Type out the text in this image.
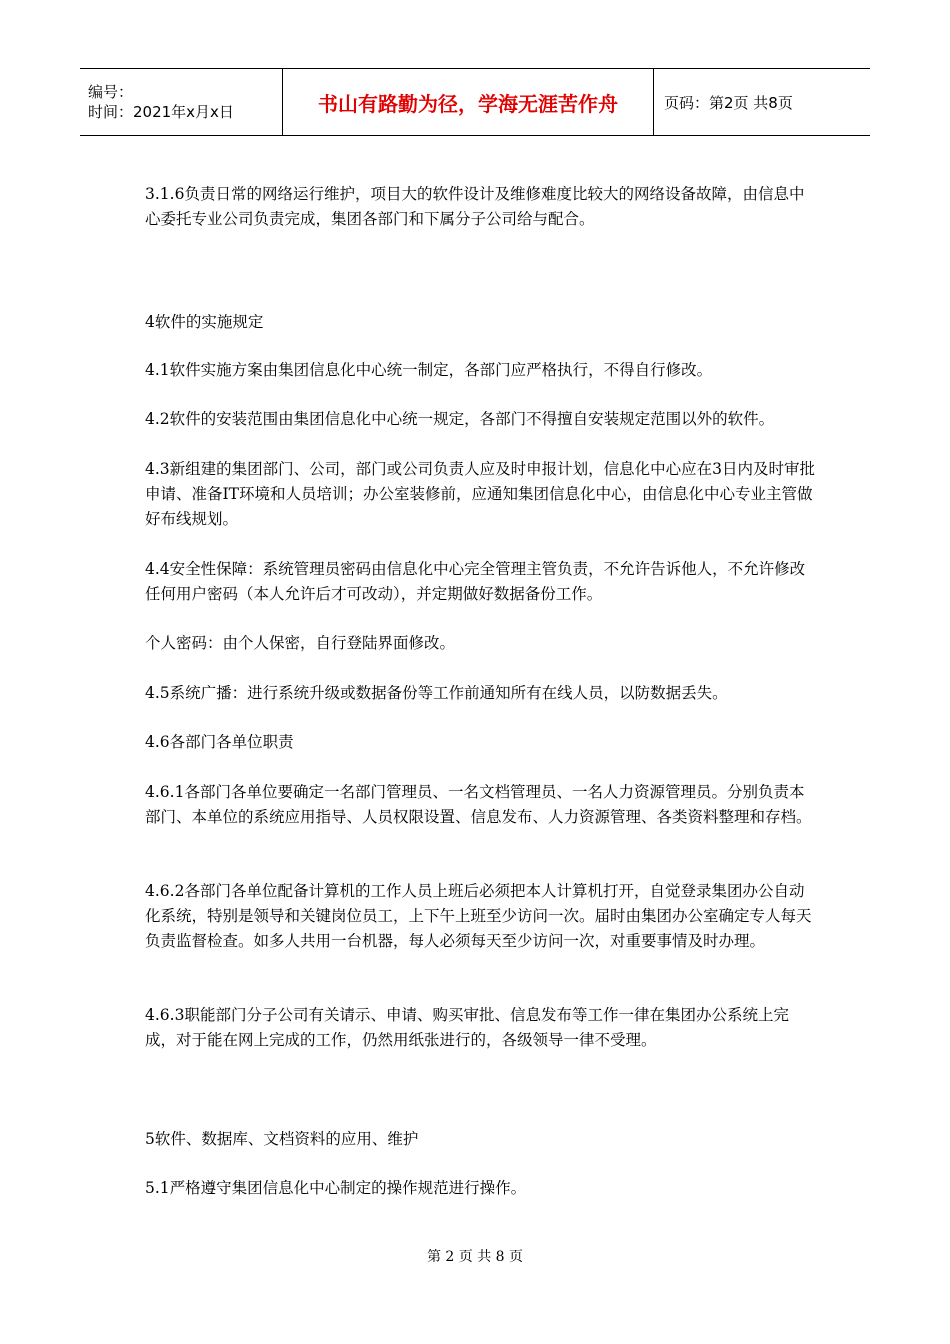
编号：
时间：2021年x月x日	书山有路勤为径，学海无涯苦作舟	页码：第2页 共8页

3.1.6负责日常的网络运行维护，项目大的软件设计及维修难度比较大的网络设备故障，由信息中心委托专业公司负责完成，集团各部门和下属分子公司给与配合。

4软件的实施规定

4.1软件实施方案由集团信息化中心统一制定，各部门应严格执行，不得自行修改。

4.2软件的安装范围由集团信息化中心统一规定，各部门不得擅自安装规定范围以外的软件。

4.3新组建的集团部门、公司，部门或公司负责人应及时申报计划，信息化中心应在3日内及时审批申请、准备IT环境和人员培训；办公室装修前，应通知集团信息化中心，由信息化中心专业主管做好布线规划。

4.4安全性保障：系统管理员密码由信息化中心完全管理主管负责，不允许告诉他人，不允许修改任何用户密码（本人允许后才可改动），并定期做好数据备份工作。

个人密码：由个人保密，自行登陆界面修改。

4.5系统广播：进行系统升级或数据备份等工作前通知所有在线人员，以防数据丢失。

4.6各部门各单位职责

4.6.1各部门各单位要确定一名部门管理员、一名文档管理员、一名人力资源管理员。分别负责本部门、本单位的系统应用指导、人员权限设置、信息发布、人力资源管理、各类资料整理和存档。

4.6.2各部门各单位配备计算机的工作人员上班后必须把本人计算机打开，自觉登录集团办公自动化系统，特别是领导和关键岗位员工，上下午上班至少访问一次。届时由集团办公室确定专人每天负责监督检查。如多人共用一台机器，每人必须每天至少访问一次，对重要事情及时办理。

4.6.3职能部门分子公司有关请示、申请、购买审批、信息发布等工作一律在集团办公系统上完成，对于能在网上完成的工作，仍然用纸张进行的，各级领导一律不受理。

5软件、数据库、文档资料的应用、维护

5.1严格遵守集团信息化中心制定的操作规范进行操作。

第 2 页 共 8 页
